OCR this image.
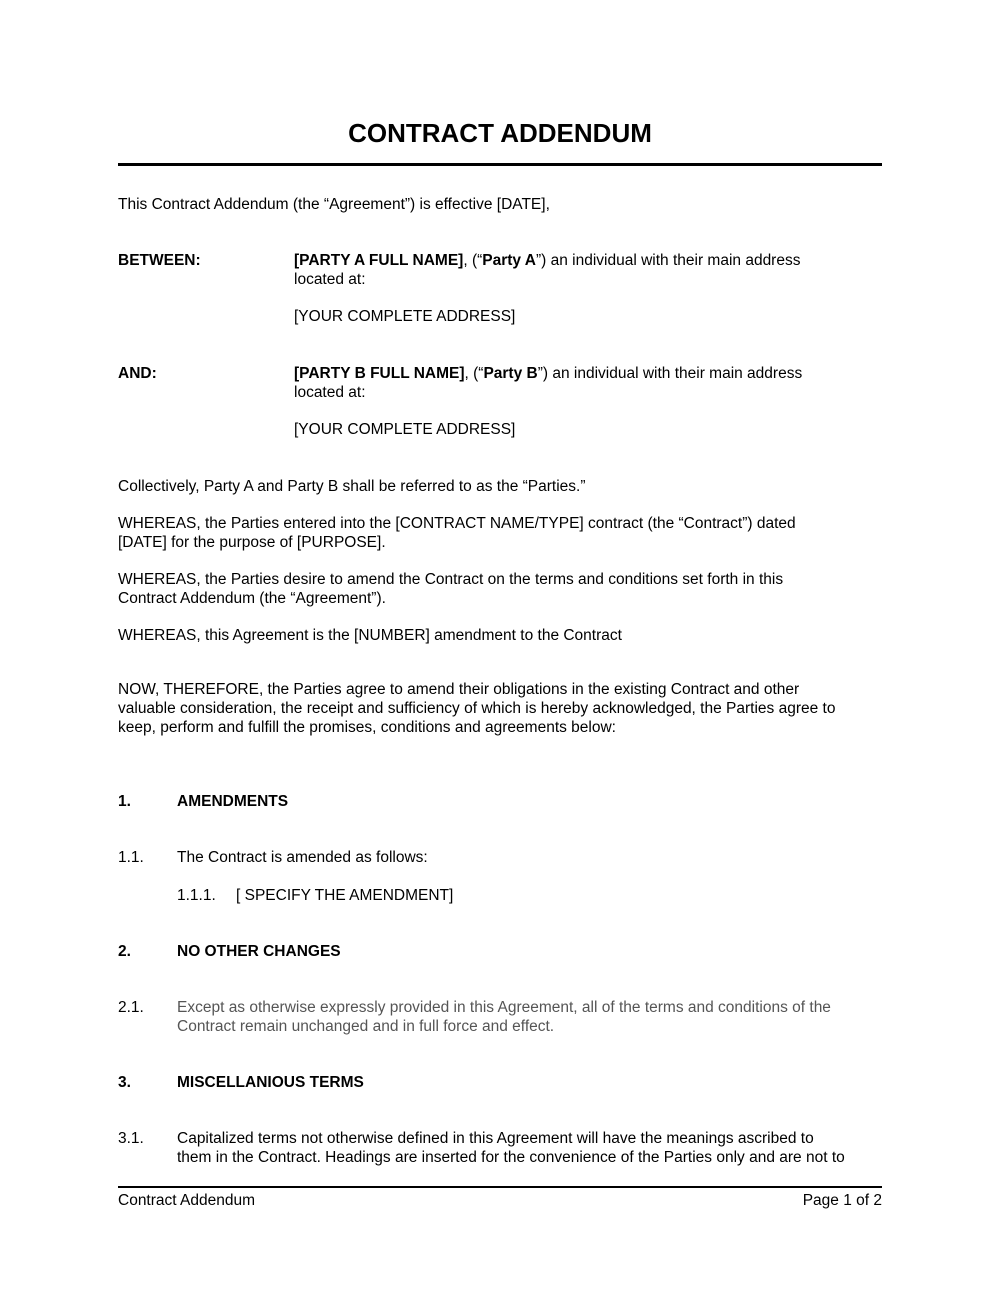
CONTRACT ADDENDUM
This Contract Addendum (the “Agreement”) is effective [DATE],
BETWEEN:	[PARTY A FULL NAME], (“Party A”) an individual with their main address
located at:
[YOUR COMPLETE ADDRESS]
AND:	[PARTY B FULL NAME], (“Party B”) an individual with their main address
located at:
[YOUR COMPLETE ADDRESS]
Collectively, Party A and Party B shall be referred to as the “Parties.”
WHEREAS, the Parties entered into the [CONTRACT NAME/TYPE] contract (the “Contract”) dated
[DATE] for the purpose of [PURPOSE].
WHEREAS, the Parties desire to amend the Contract on the terms and conditions set forth in this
Contract Addendum (the “Agreement”).
WHEREAS, this Agreement is the [NUMBER] amendment to the Contract
NOW, THEREFORE, the Parties agree to amend their obligations in the existing Contract and other
valuable consideration, the receipt and sufficiency of which is hereby acknowledged, the Parties agree to
keep, perform and fulfill the promises, conditions and agreements below:
1.	AMENDMENTS
1.1. The Contract is amended as follows:
1.1.1. [ SPECIFY THE AMENDMENT]
2.	NO OTHER CHANGES
2.1. Except as otherwise expressly provided in this Agreement, all of the terms and conditions of the
Contract remain unchanged and in full force and effect.
3.	MISCELLANIOUS TERMS
3.1. Capitalized terms not otherwise defined in this Agreement will have the meanings ascribed to
them in the Contract. Headings are inserted for the convenience of the Parties only and are not to
Contract Addendum	Page 1 of 2
